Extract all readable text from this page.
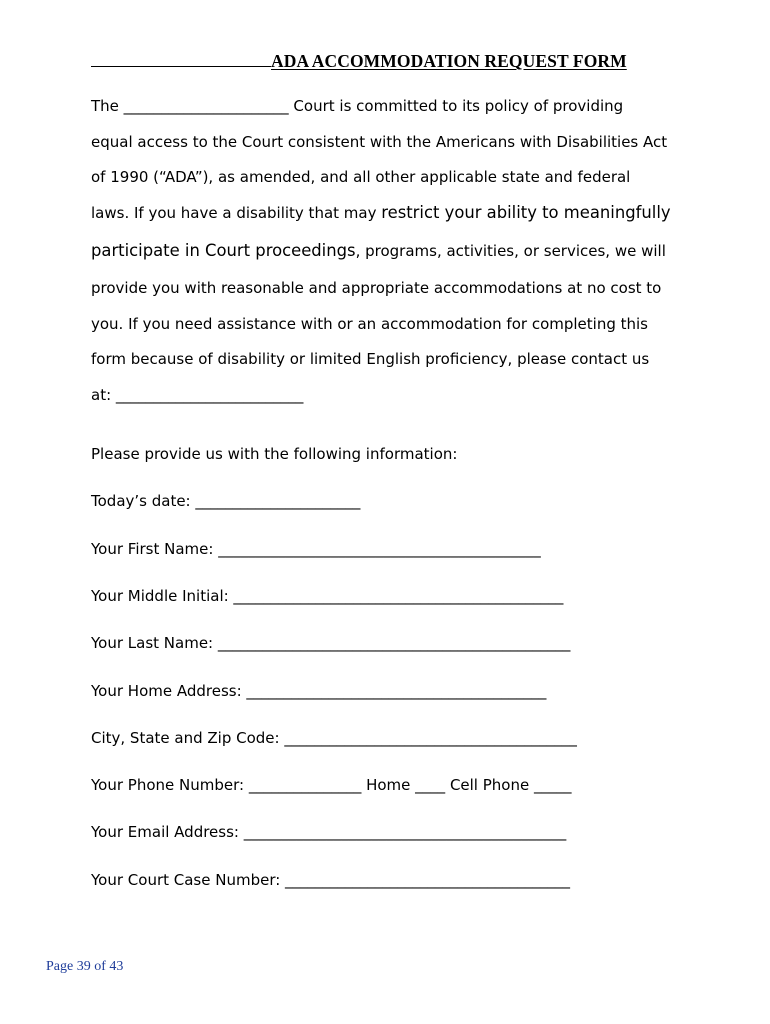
ADA ACCOMMODATION REQUEST FORM
The ______________________ Court is committed to its policy of providing
equal access to the Court consistent with the Americans with Disabilities Act
of 1990 (“ADA”), as amended, and all other applicable state and federal
laws. If you have a disability that may restrict your ability to meaningfully
participate in Court proceedings, programs, activities, or services, we will
provide you with reasonable and appropriate accommodations at no cost to
you. If you need assistance with or an accommodation for completing this
form because of disability or limited English proficiency, please contact us
at: _________________________
Please provide us with the following information:
Today’s date: ______________________
Your First Name: ___________________________________________
Your Middle Initial: ____________________________________________
Your Last Name: _______________________________________________
Your Home Address: ________________________________________
City, State and Zip Code: _______________________________________
Your Phone Number: _______________ Home ____ Cell Phone _____
Your Email Address: ___________________________________________
Your Court Case Number: ______________________________________
Page 39 of 43
